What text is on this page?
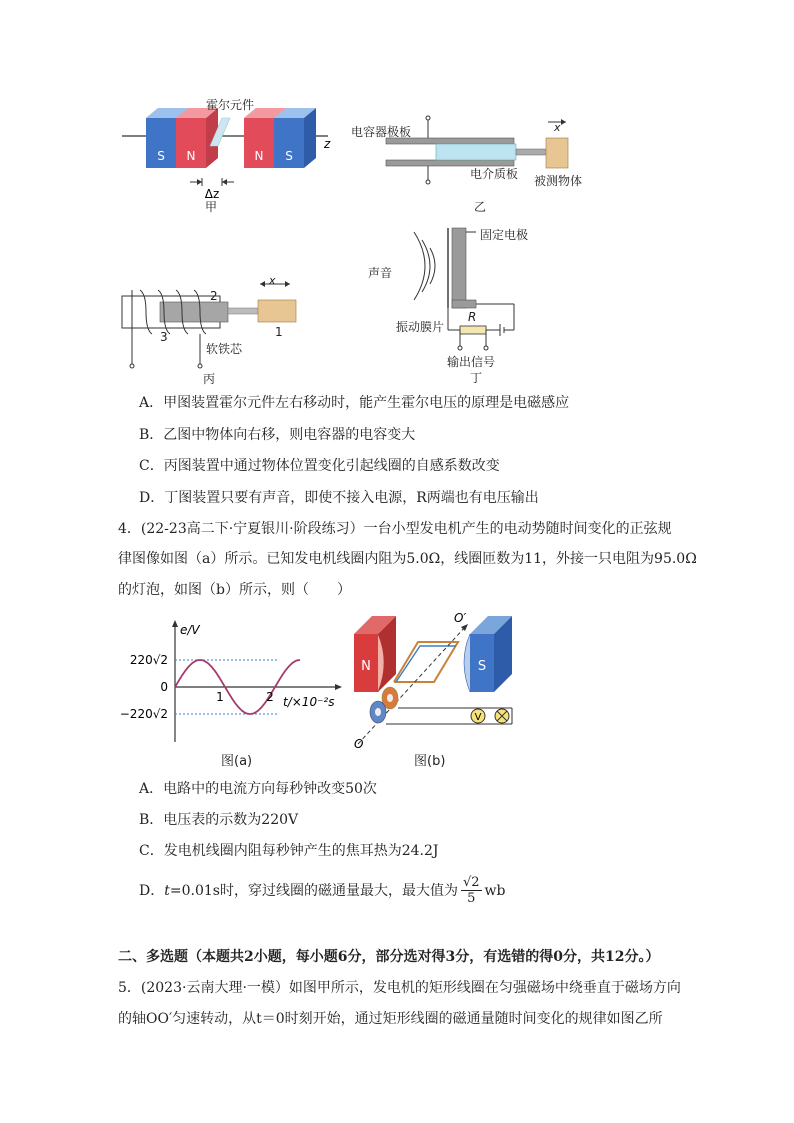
S N	N S
z
Δz
霍尔元件
甲
电容器极板
电介质板 被测物体
x
乙
x
2
3	1
软铁芯
丙
固定电极
声音
振动膜片
R
输出信号
丁
A．甲图装置霍尔元件左右移动时，能产生霍尔电压的原理是电磁感应
B．乙图中物体向右移，则电容器的电容变大
C．丙图装置中通过物体位置变化引起线圈的自感系数改变
D．丁图装置只要有声音，即使不接入电源，R两端也有电压输出
4．(22-23高二下·宁夏银川·阶段练习）一台小型发电机产生的电动势随时间变化的正弦规
律图像如图（a）所示。已知发电机线圈内阻为5.0Ω，线圈匝数为11，外接一只电阻为95.0Ω
的灯泡，如图（b）所示，则（　　）
e/V
220√2
0
−220√2
1	2 t/×10⁻²s
图(a)
N	S
V
O′
O
图(b)
A．电路中的电流方向每秒钟改变50次
B．电压表的示数为220V
C．发电机线圈内阻每秒钟产生的焦耳热为24.2J
D． t =0.01s时，穿过线圈的磁通量最大，最大值为 $\frac{√2}{5}$ wb
二、多选题（本题共2小题，每小题6分，部分选对得3分，有选错的得0分，共12分。）
5．(2023·云南大理·一模）如图甲所示，发电机的矩形线圈在匀强磁场中绕垂直于磁场方向
的轴OO′匀速转动，从t＝0时刻开始，通过矩形线圈的磁通量随时间变化的规律如图乙所
